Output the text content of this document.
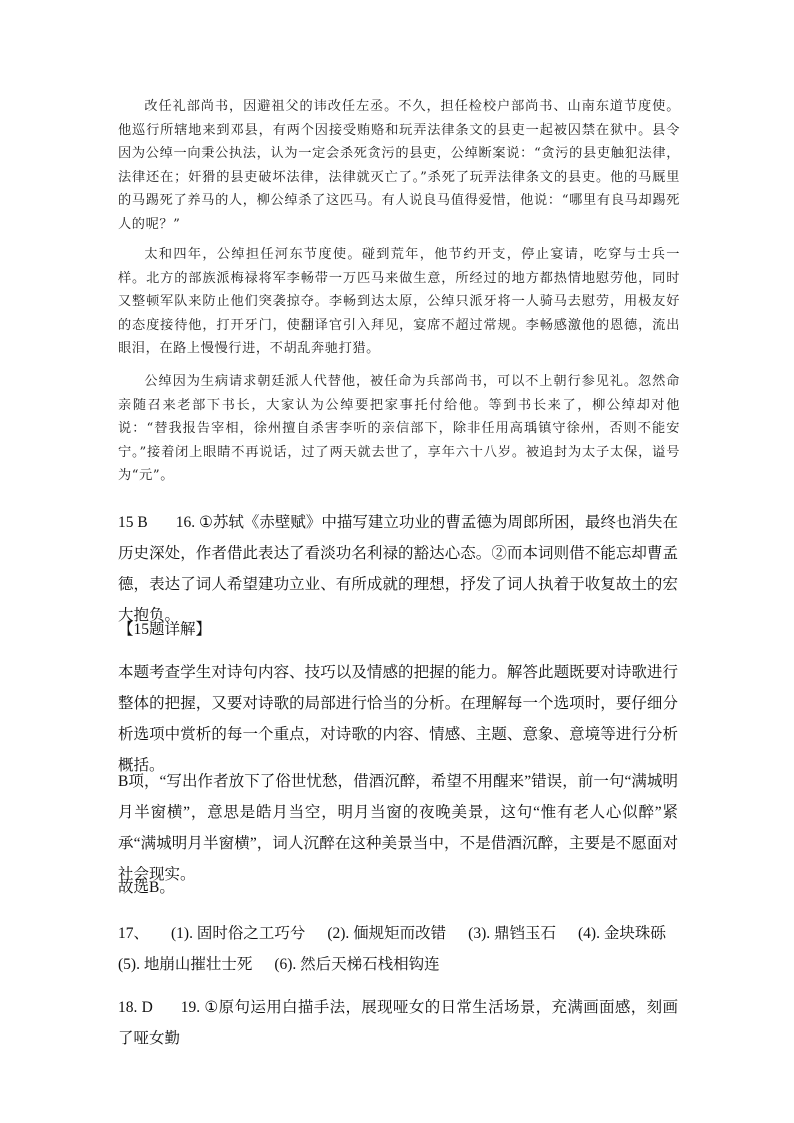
改任礼部尚书，因避祖父的讳改任左丞。不久，担任检校户部尚书、山南东道节度使。他巡行所辖地来到邓县，有两个因接受贿赂和玩弄法律条文的县吏一起被囚禁在狱中。县令因为公绰一向秉公执法，认为一定会杀死贪污的县吏，公绰断案说：“贪污的县吏触犯法律，法律还在；奸猾的县吏破坏法律，法律就灭亡了。”杀死了玩弄法律条文的县吏。他的马厩里的马踢死了养马的人，柳公绰杀了这匹马。有人说良马值得爱惜，他说：“哪里有良马却踢死人的呢？”

太和四年，公绰担任河东节度使。碰到荒年，他节约开支，停止宴请，吃穿与士兵一样。北方的部族派梅禄将军李畅带一万匹马来做生意，所经过的地方都热情地慰劳他，同时又整顿军队来防止他们突袭掠夺。李畅到达太原，公绰只派牙将一人骑马去慰劳，用极友好的态度接待他，打开牙门，使翻译官引入拜见，宴席不超过常规。李畅感激他的恩德，流出眼泪，在路上慢慢行进，不胡乱奔驰打猎。

公绰因为生病请求朝廷派人代替他，被任命为兵部尚书，可以不上朝行参见礼。忽然命亲随召来老部下书长，大家认为公绰要把家事托付给他。等到书长来了，柳公绰却对他说：“替我报告宰相，徐州擅自杀害李听的亲信部下，除非任用高瑀镇守徐州，否则不能安宁。”接着闭上眼睛不再说话，过了两天就去世了，享年六十八岁。被追封为太子太保，谥号为“元”。

15 B 16. ①苏轼《赤壁赋》中描写建立功业的曹孟德为周郎所困，最终也消失在历史深处，作者借此表达了看淡功名利禄的豁达心态。②而本词则借不能忘却曹孟德，表达了词人希望建功立业、有所成就的理想，抒发了词人执着于收复故土的宏大抱负。

【15题详解】

本题考查学生对诗句内容、技巧以及情感的把握的能力。解答此题既要对诗歌进行整体的把握，又要对诗歌的局部进行恰当的分析。在理解每一个选项时，要仔细分析选项中赏析的每一个重点，对诗歌的内容、情感、主题、意象、意境等进行分析概括。

B项，“写出作者放下了俗世忧愁，借酒沉醉，希望不用醒来”错误，前一句“满城明月半窗横”，意思是皓月当空，明月当窗的夜晚美景，这句“惟有老人心似醉”紧承“满城明月半窗横”，词人沉醉在这种美景当中，不是借酒沉醉，主要是不愿面对社会现实。

故选B。

17、 (1). 固时俗之工巧兮 (2). 偭规矩而改错 (3). 鼎铛玉石 (4). 金块珠砾
(5). 地崩山摧壮士死 (6). 然后天梯石栈相钩连

18. D 19. ①原句运用白描手法，展现哑女的日常生活场景，充满画面感，刻画了哑女勤
